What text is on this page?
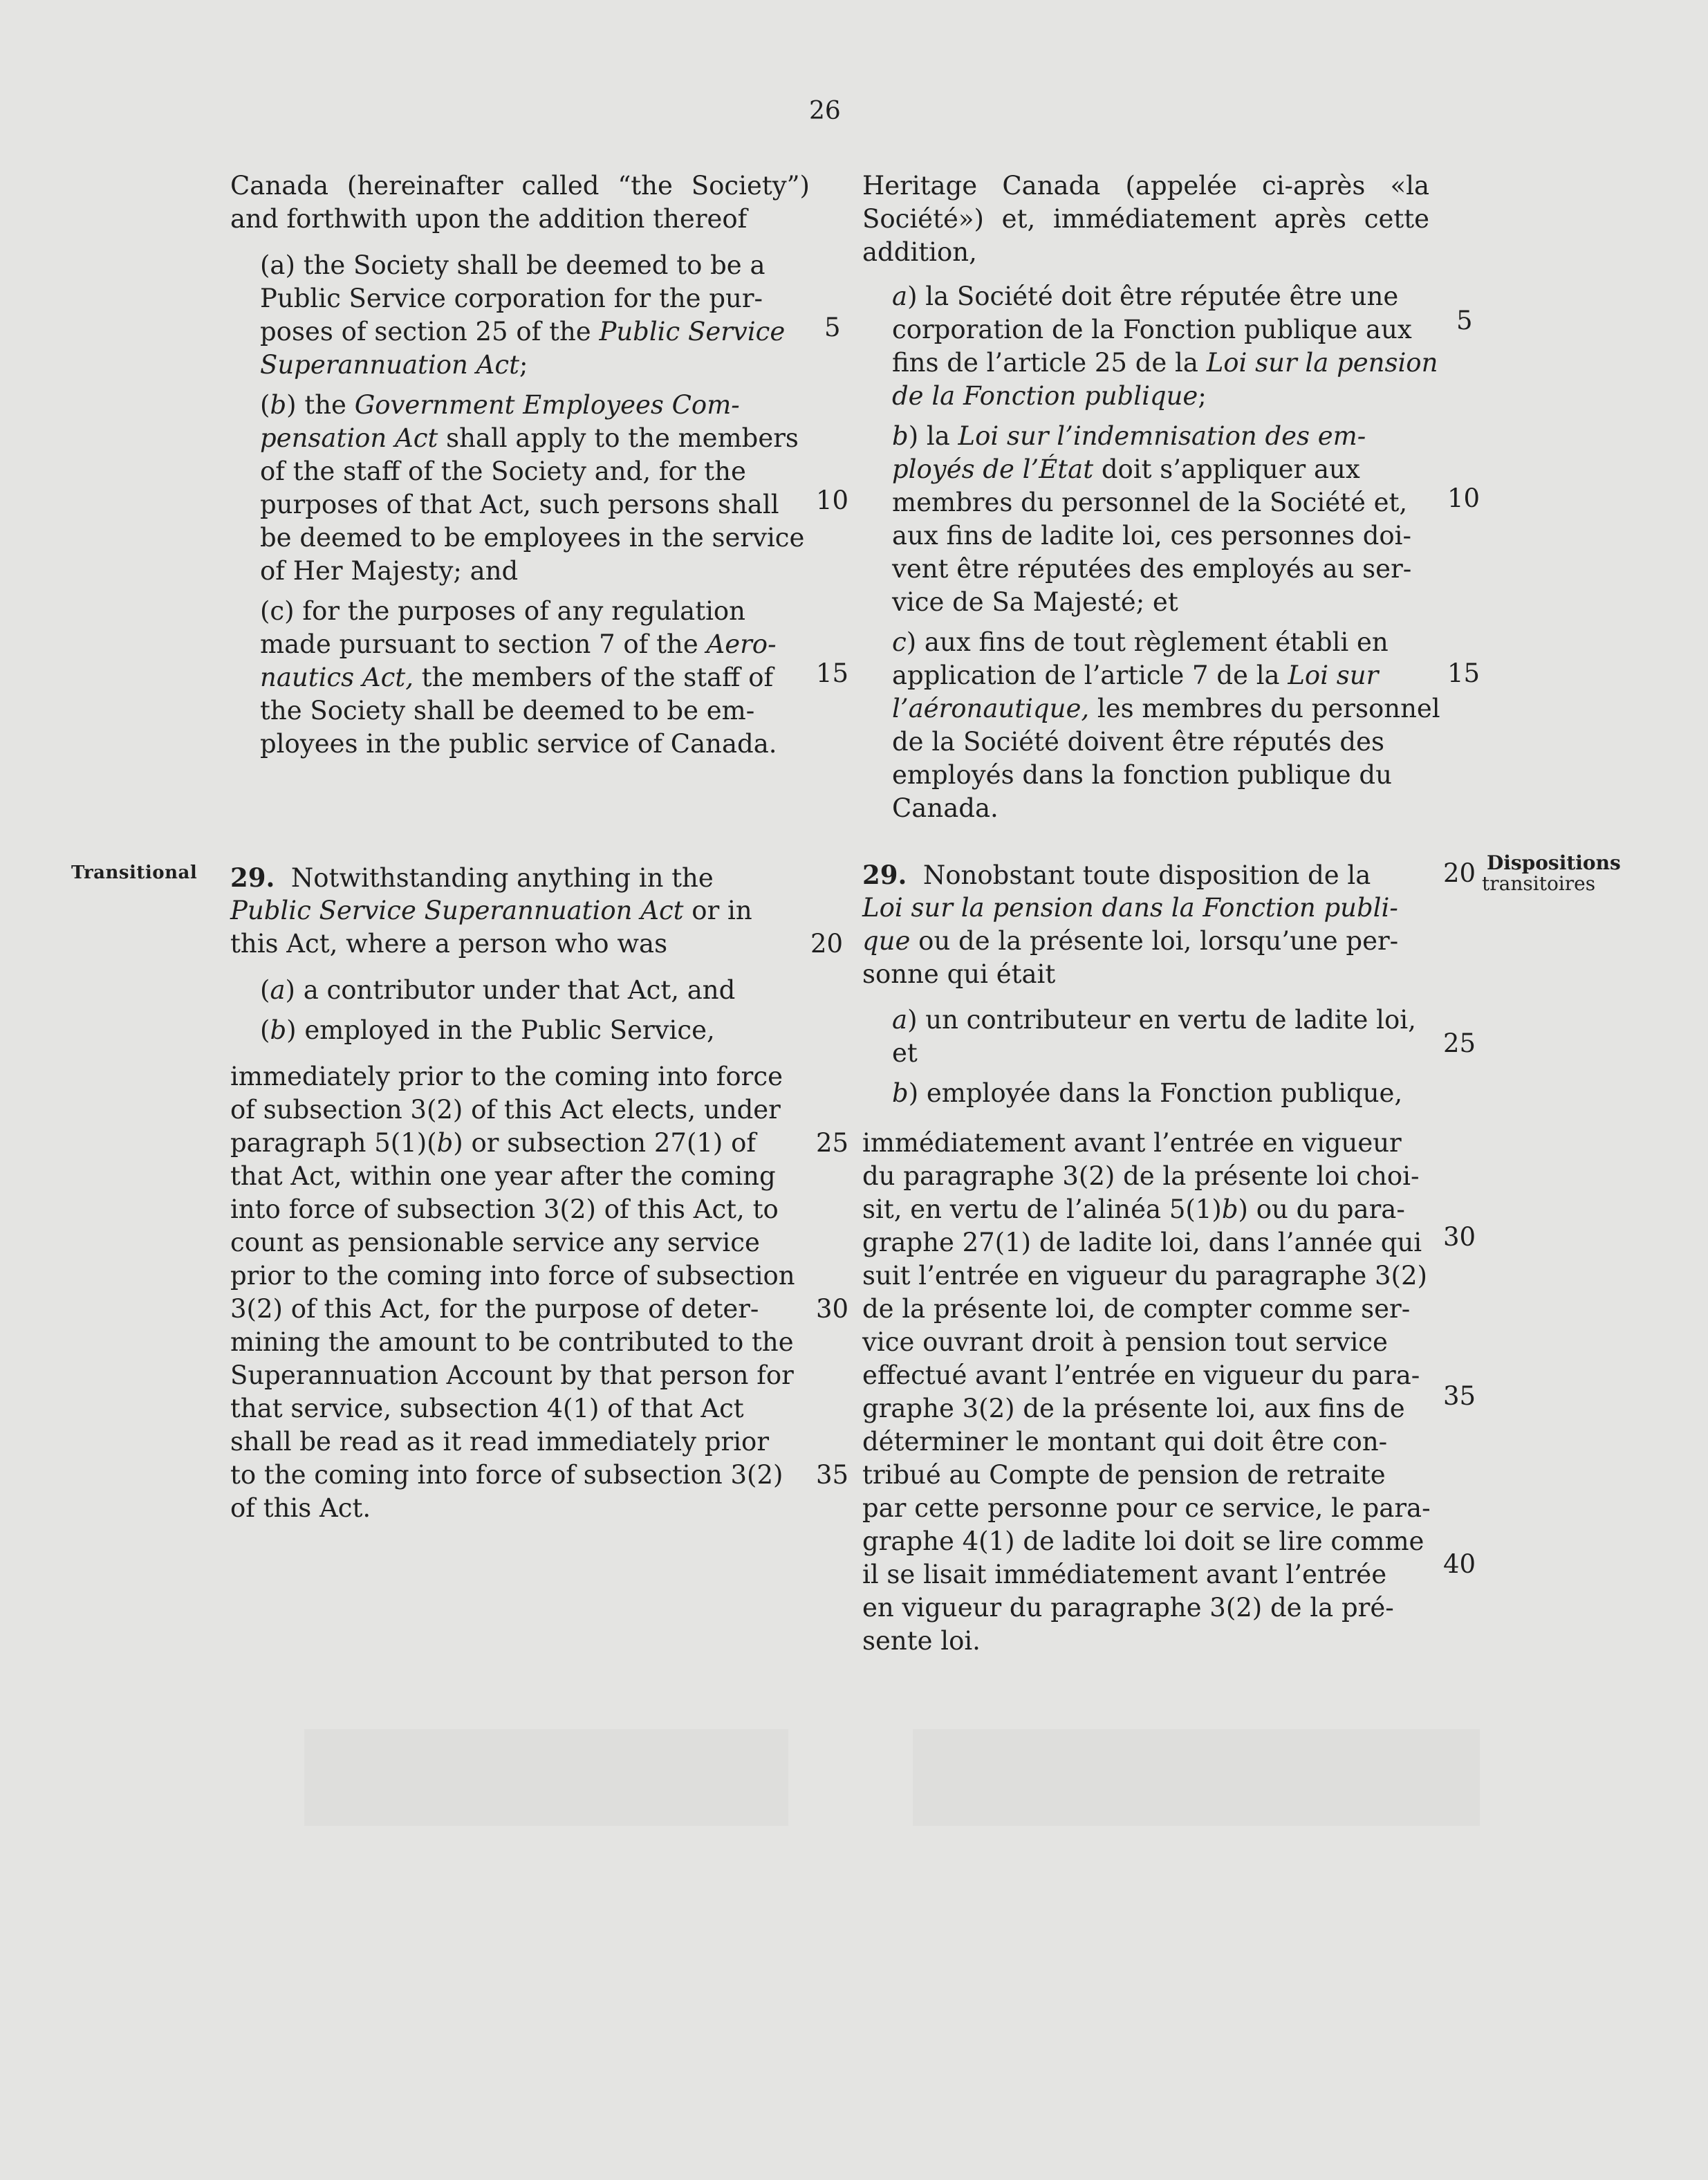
26
Canada (hereinafter called “the Society”)
and forthwith upon the addition thereof
(a) the Society shall be deemed to be a
Public Service corporation for the pur-
poses of section 25 of the Public Service
Superannuation Act;
(b) the Government Employees Com-
pensation Act shall apply to the members
of the staff of the Society and, for the
purposes of that Act, such persons shall
be deemed to be employees in the service
of Her Majesty; and
(c) for the purposes of any regulation
made pursuant to section 7 of the Aero-
nautics Act, the members of the staff of
the Society shall be deemed to be em-
ployees in the public service of Canada.
Transitional 29. Notwithstanding anything in the
Public Service Superannuation Act or in
this Act, where a person who was
(a) a contributor under that Act, and
(b) employed in the Public Service,
immediately prior to the coming into force
of subsection 3(2) of this Act elects, under
paragraph 5(1)(b) or subsection 27(1) of
that Act, within one year after the coming
into force of subsection 3(2) of this Act, to
count as pensionable service any service
prior to the coming into force of subsection
3(2) of this Act, for the purpose of deter-
mining the amount to be contributed to the
Superannuation Account by that person for
that service, subsection 4(1) of that Act
shall be read as it read immediately prior
to the coming into force of subsection 3(2)
of this Act.
5
10
15
20
25
30
35
Heritage Canada (appelée ci-après «la
Société») et, immédiatement après cette
addition,
a) la Société doit être réputée être une
corporation de la Fonction publique aux
fins de l’article 25 de la Loi sur la pension
de la Fonction publique;
b) la Loi sur l’indemnisation des em-
ployés de l’État doit s’appliquer aux
membres du personnel de la Société et,
aux fins de ladite loi, ces personnes doi-
vent être réputées des employés au ser-
vice de Sa Majesté; et
c) aux fins de tout règlement établi en
application de l’article 7 de la Loi sur
l’aéronautique, les membres du personnel
de la Société doivent être réputés des
employés dans la fonction publique du
Canada.
Dispositions
transitoires
29. Nonobstant toute disposition de la
Loi sur la pension dans la Fonction publi-
que ou de la présente loi, lorsqu’une per-
sonne qui était
a) un contributeur en vertu de ladite loi,
et
b) employée dans la Fonction publique,
immédiatement avant l’entrée en vigueur
du paragraphe 3(2) de la présente loi choi-
sit, en vertu de l’alinéa 5(1)b) ou du para-
graphe 27(1) de ladite loi, dans l’année qui
suit l’entrée en vigueur du paragraphe 3(2)
de la présente loi, de compter comme ser-
vice ouvrant droit à pension tout service
effectué avant l’entrée en vigueur du para-
graphe 3(2) de la présente loi, aux fins de
déterminer le montant qui doit être con-
tribué au Compte de pension de retraite
par cette personne pour ce service, le para-
graphe 4(1) de ladite loi doit se lire comme
il se lisait immédiatement avant l’entrée
en vigueur du paragraphe 3(2) de la pré-
sente loi.
5
10
15
20
25
30
35
40
